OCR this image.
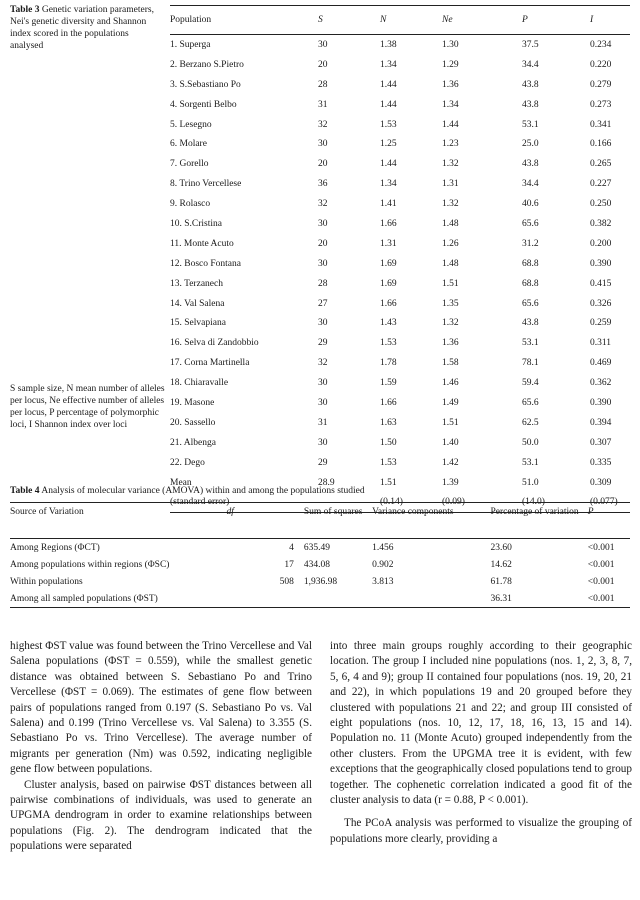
Table 3 Genetic variation parameters, Nei's genetic diversity and Shannon index scored in the populations analysed
Population	S	N	Ne	P	I
1. Superga	30	1.38	1.30	37.5	0.234
2. Berzano S.Pietro	20	1.34	1.29	34.4	0.220
3. S.Sebastiano Po	28	1.44	1.36	43.8	0.279
4. Sorgenti Belbo	31	1.44	1.34	43.8	0.273
5. Lesegno	32	1.53	1.44	53.1	0.341
6. Molare	30	1.25	1.23	25.0	0.166
7. Gorello	20	1.44	1.32	43.8	0.265
8. Trino Vercellese	36	1.34	1.31	34.4	0.227
9. Rolasco	32	1.41	1.32	40.6	0.250
10. S.Cristina	30	1.66	1.48	65.6	0.382
11. Monte Acuto	20	1.31	1.26	31.2	0.200
12. Bosco Fontana	30	1.69	1.48	68.8	0.390
13. Terzanech	28	1.69	1.51	68.8	0.415
14. Val Salena	27	1.66	1.35	65.6	0.326
15. Selvapiana	30	1.43	1.32	43.8	0.259
16. Selva di Zandobbio	29	1.53	1.36	53.1	0.311
17. Corna Martinella	32	1.78	1.58	78.1	0.469
18. Chiaravalle	30	1.59	1.46	59.4	0.362
19. Masone	30	1.66	1.49	65.6	0.390
20. Sassello	31	1.63	1.51	62.5	0.394
21. Albenga	30	1.50	1.40	50.0	0.307
22. Dego	29	1.53	1.42	53.1	0.335
Mean	28.9	1.51	1.39	51.0	0.309
(standard error)		(0.14)	(0.09)	(14.0)	(0.077)
S sample size, N mean number of alleles per locus, Ne effective number of alleles per locus, P percentage of polymorphic loci, I Shannon index over loci
Table 4 Analysis of molecular variance (AMOVA) within and among the populations studied
Source of Variation	df	Sum of squares	Variance components	Percentage of variation	P
Among Regions (ΦCT)	4	635.49	1.456	23.60	<0.001
Among populations within regions (ΦSC)	17	434.08	0.902	14.62	<0.001
Within populations	508	1,936.98	3.813	61.78	<0.001
Among all sampled populations (ΦST)				36.31	<0.001

highest ΦST value was found between the Trino Vercellese and Val Salena populations (ΦST = 0.559), while the smallest genetic distance was obtained between S. Sebastiano Po and Trino Vercellese (ΦST = 0.069). The estimates of gene flow between pairs of populations ranged from 0.197 (S. Sebastiano Po vs. Val Salena) and 0.199 (Trino Vercellese vs. Val Salena) to 3.355 (S. Sebastiano Po vs. Trino Vercellese). The average number of migrants per generation (Nm) was 0.592, indicating negligible gene flow between populations.

Cluster analysis, based on pairwise ΦST distances between all pairwise combinations of individuals, was used to generate an UPGMA dendrogram in order to examine relationships between populations (Fig. 2). The dendrogram indicated that the populations were separated

into three main groups roughly according to their geographic location. The group I included nine populations (nos. 1, 2, 3, 8, 7, 5, 6, 4 and 9); group II contained four populations (nos. 19, 20, 21 and 22), in which populations 19 and 20 grouped before they clustered with populations 21 and 22; and group III consisted of eight populations (nos. 10, 12, 17, 18, 16, 13, 15 and 14). Population no. 11 (Monte Acuto) grouped independently from the other clusters. From the UPGMA tree it is evident, with few exceptions that the geographically closed populations tend to group together. The cophenetic correlation indicated a good fit of the cluster analysis to data (r = 0.88, P < 0.001).

The PCoA analysis was performed to visualize the grouping of populations more clearly, providing a
